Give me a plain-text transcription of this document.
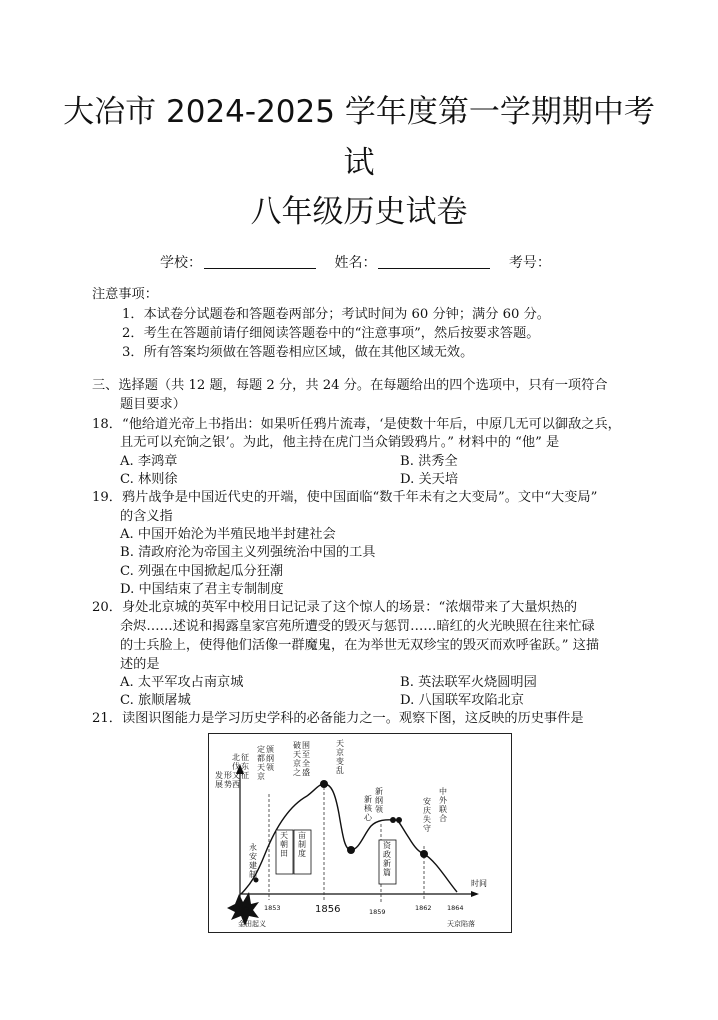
大冶市 2024-2025 学年度第一学期期中考
试
八年级历史试卷
学校：	姓名：	考号：
注意事项：
1．本试卷分试题卷和答题卷两部分；考试时间为 60 分钟；满分 60 分。
2．考生在答题前请仔细阅读答题卷中的“注意事项”，然后按要求答题。
3．所有答案均须做在答题卷相应区域，做在其他区域无效。
三、选择题（共 12 题，每题 2 分，共 24 分。在每题给出的四个选项中，只有一项符合
题目要求）
18．“他给道光帝上书指出：如果听任鸦片流毒，‘是使数十年后，中原几无可以御敌之兵，
且无可以充饷之银’。为此，他主持在虎门当众销毁鸦片。” 材料中的 “他” 是
A. 李鸿章	B. 洪秀全
C. 林则徐	D. 关天培
19．鸦片战争是中国近代史的开端，使中国面临“数千年未有之大变局”。文中“大变局”
的含义指
A. 中国开始沦为半殖民地半封建社会
B. 清政府沦为帝国主义列强统治中国的工具
C. 列强在中国掀起瓜分狂潮
D. 中国结束了君主专制制度
20．身处北京城的英军中校用日记记录了这个惊人的场景：“浓烟带来了大量炽热的
余烬……述说和揭露皇家宫苑所遭受的毁灭与惩罚……暗红的火光映照在往来忙碌
的士兵脸上，使得他们活像一群魔鬼，在为举世无双珍宝的毁灭而欢呼雀跃。” 这描
述的是
A. 太平军攻占南京城	B. 英法联军火烧圆明园
C. 旅顺屠城	D. 八国联军攻陷北京
21．读图识图能力是学习历史学科的必备能力之一。观察下图，这反映的历史事件是
发展形势
永安建制
北伐又西征东征
定都天京颁纲领
破天京之围至全盛
天京变乱
新核心
新纲领
安庆失守
中外联合
天朝田
亩制度
资政新篇
时间
1851 1853	1856	1859	1862 1864
金田起义	天京陷落
